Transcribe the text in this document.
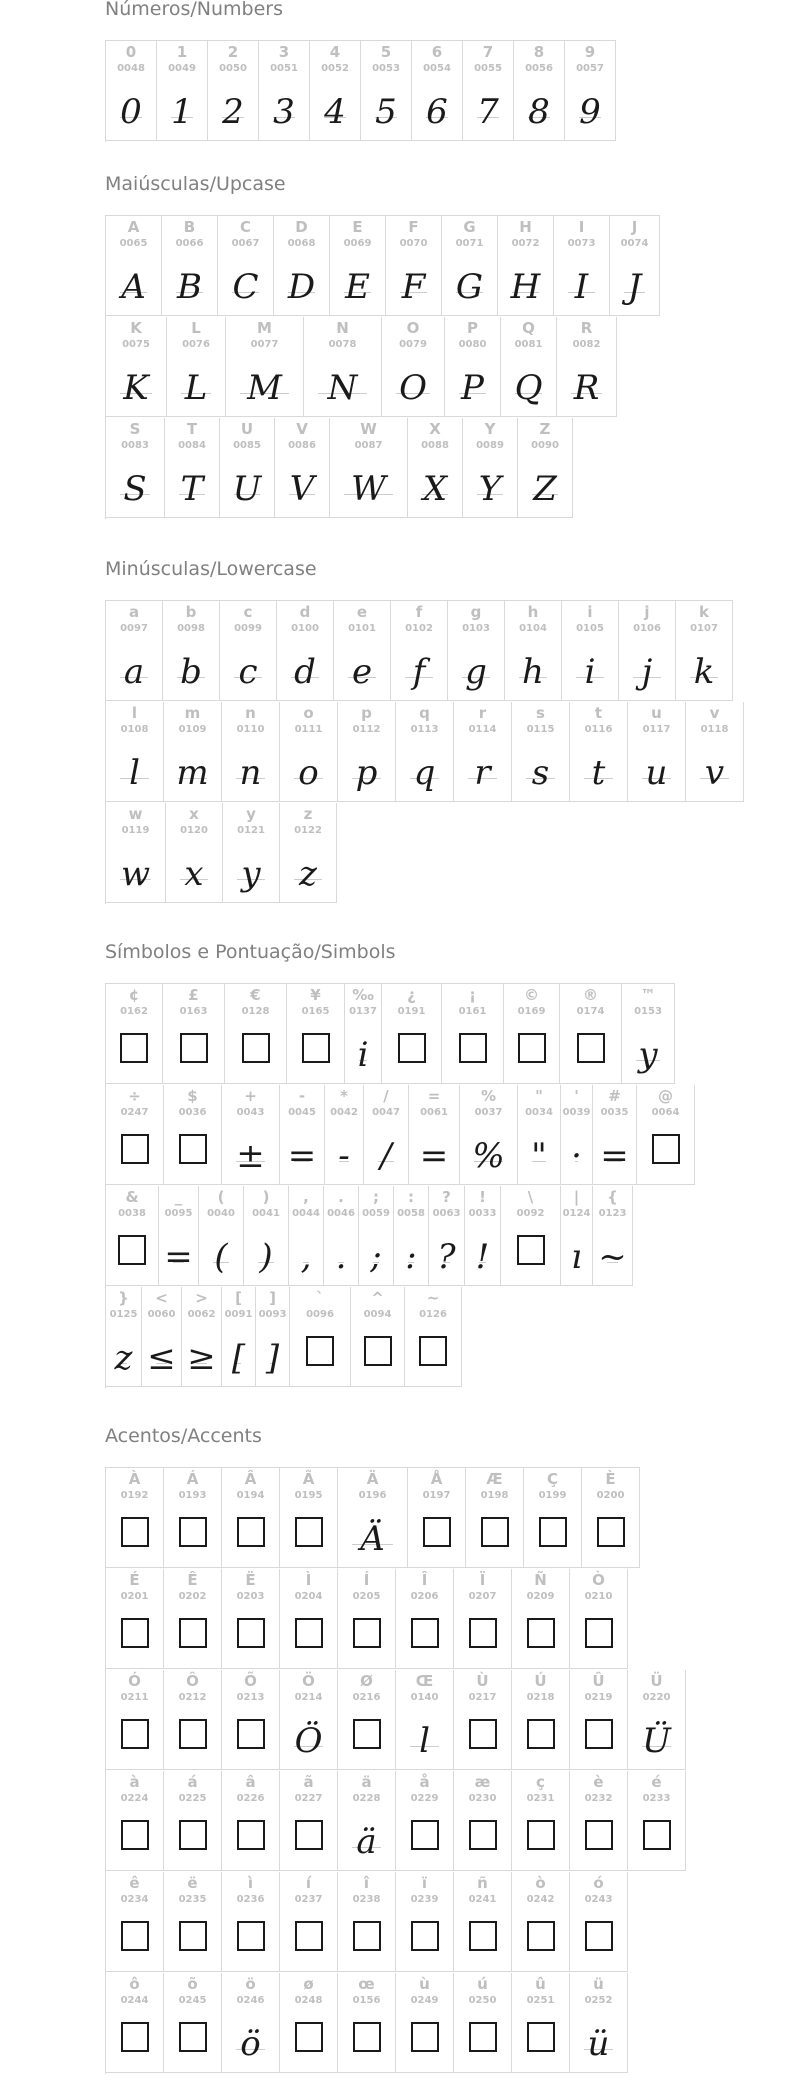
Números/Numbers
0
0048
0
1
0049
1
2
0050
2
3
0051
3
4
0052
4
5
0053
5
6
0054
6
7
0055
7
8
0056
8
9
0057
9
Maiúsculas/Upcase
A
0065
A
B
0066
B
C
0067
C
D
0068
D
E
0069
E
F
0070
F
G
0071
G
H
0072
H
I
0073
I
J
0074
J
K
0075
K
L
0076
L
M
0077
M
N
0078
N
O
0079
O
P
0080
P
Q
0081
Q
R
0082
R
S
0083
S
T
0084
T
U
0085
U
V
0086
V
W
0087
W
X
0088
X
Y
0089
Y
Z
0090
Z
Minúsculas/Lowercase
a
0097
a
b
0098
b
c
0099
c
d
0100
d
e
0101
e
f
0102
f
g
0103
g
h
0104
h
i
0105
i
j
0106
j
k
0107
k
l
0108
l
m
0109
m
n
0110
n
o
0111
o
p
0112
p
q
0113
q
r
0114
r
s
0115
s
t
0116
t
u
0117
u
v
0118
v
w
0119
w
x
0120
x
y
0121
y
z
0122
z
Símbolos e Pontuação/Simbols
¢
0162
£
0163
€
0128
¥
0165
‰
0137
i
¿
0191
¡
0161
©
0169
®
0174
™
0153
y
÷
0247
$
0036
+
0043
±
-
0045
=
*
0042
-
/
0047
/
=
0061
=
%
0037
%
"
0034
"
'
0039
·
#
0035
=
@
0064
&
0038
_
0095
=
(
0040
(
)
0041
)
,
0044
,
.
0046
.
;
0059
;
:
0058
:
?
0063
?
!
0033
!
\
0092
|
0124
ı
{
0123
~
}
0125
z
<
0060
≤
>
0062
≥
[
0091
[
]
0093
]
`
0096
^
0094
~
0126
Acentos/Accents
À
0192
Á
0193
Â
0194
Ã
0195
Ä
0196
Ä
Å
0197
Æ
0198
Ç
0199
È
0200
É
0201
Ê
0202
Ë
0203
Ì
0204
Í
0205
Î
0206
Ï
0207
Ñ
0209
Ò
0210
Ó
0211
Ô
0212
Õ
0213
Ö
0214
Ö
Ø
0216
Œ
0140
l
Ù
0217
Ú
0218
Û
0219
Ü
0220
Ü
à
0224
á
0225
â
0226
ã
0227
ä
0228
ä
å
0229
æ
0230
ç
0231
è
0232
é
0233
ê
0234
ë
0235
ì
0236
í
0237
î
0238
ï
0239
ñ
0241
ò
0242
ó
0243
ô
0244
õ
0245
ö
0246
ö
ø
0248
œ
0156
ù
0249
ú
0250
û
0251
ü
0252
ü
